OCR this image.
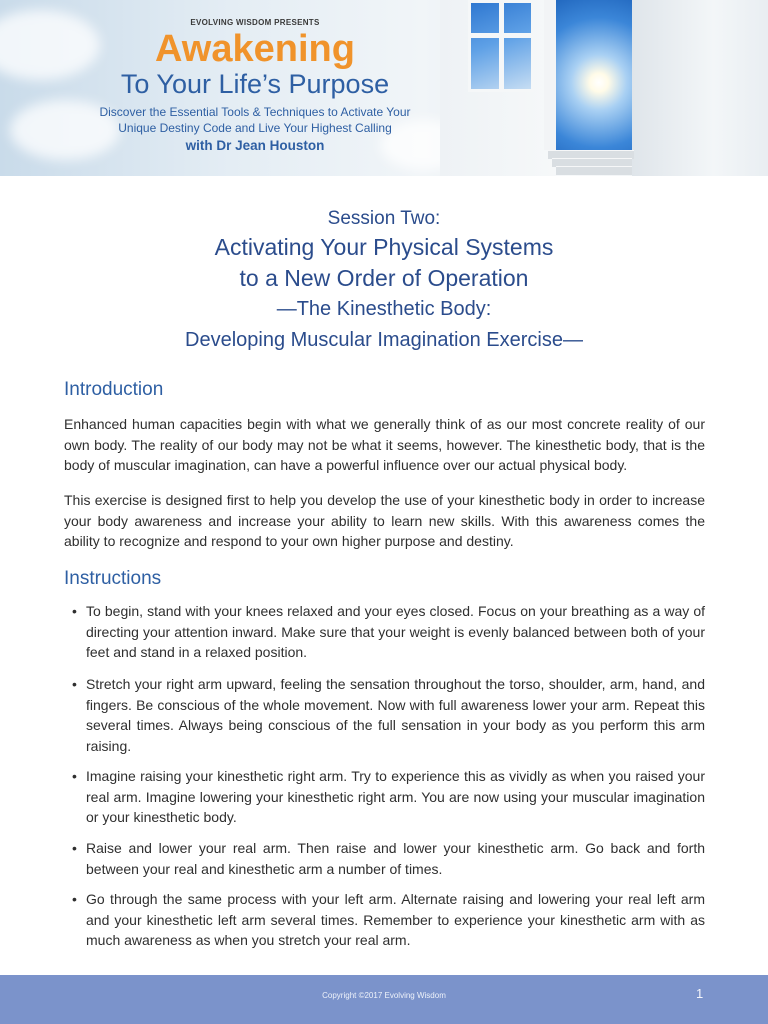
EVOLVING WISDOM PRESENTS
Awakening
To Your Life’s Purpose
Discover the Essential Tools & Techniques to Activate Your
Unique Destiny Code and Live Your Highest Calling
with Dr Jean Houston
Session Two:
Activating Your Physical Systems
to a New Order of Operation
—The Kinesthetic Body:
Developing Muscular Imagination Exercise—
Introduction
Enhanced human capacities begin with what we generally think of as our most concrete reality of our own body. The reality of our body may not be what it seems, however. The kinesthetic body, that is the body of muscular imagination, can have a powerful influence over our actual physical body.
This exercise is designed first to help you develop the use of your kinesthetic body in order to increase your body awareness and increase your ability to learn new skills. With this awareness comes the ability to recognize and respond to your own higher purpose and destiny.
Instructions
• To begin, stand with your knees relaxed and your eyes closed. Focus on your breathing as a way of directing your attention inward. Make sure that your weight is evenly balanced between both of your feet and stand in a relaxed position.
• Stretch your right arm upward, feeling the sensation throughout the torso, shoulder, arm, hand, and fingers. Be conscious of the whole movement. Now with full awareness lower your arm. Repeat this several times. Always being conscious of the full sensation in your body as you perform this arm raising.
• Imagine raising your kinesthetic right arm. Try to experience this as vividly as when you raised your real arm. Imagine lowering your kinesthetic right arm. You are now using your muscular imagination or your kinesthetic body.
• Raise and lower your real arm. Then raise and lower your kinesthetic arm. Go back and forth between your real and kinesthetic arm a number of times.
• Go through the same process with your left arm. Alternate raising and lowering your real left arm and your kinesthetic left arm several times. Remember to experience your kinesthetic arm with as much awareness as when you stretch your real arm.
Copyright ©2017 Evolving Wisdom	1
